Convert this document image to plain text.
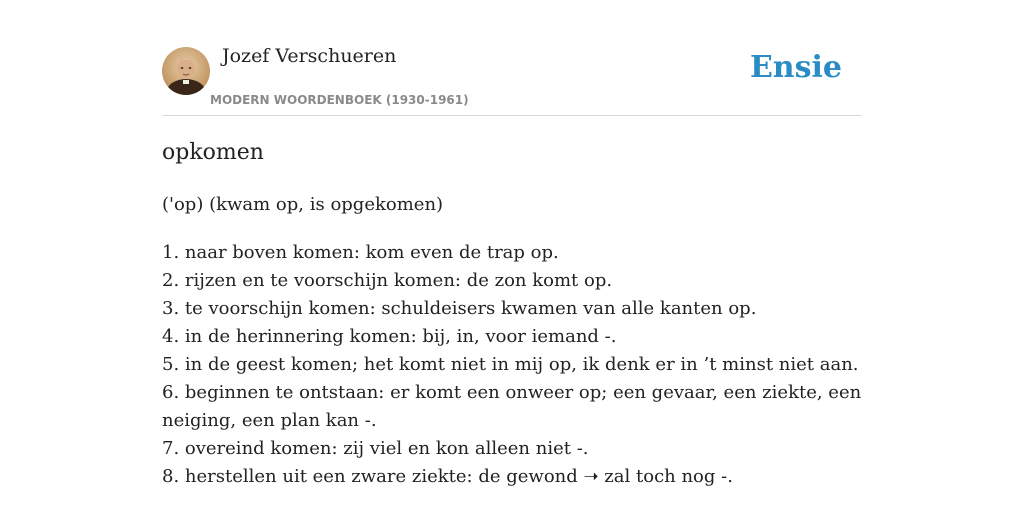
Jozef Verschueren
MODERN WOORDENBOEK (1930-1961)
Ensie
opkomen
('op) (kwam op, is opgekomen)
1. naar boven komen: kom even de trap op.
2. rijzen en te voorschijn komen: de zon komt op.
3. te voorschijn komen: schuldeisers kwamen van alle kanten op.
4. in de herinnering komen: bij, in, voor iemand -.
5. in de geest komen; het komt niet in mij op, ik denk er in ’t minst niet aan.
6. beginnen te ontstaan: er komt een onweer op; een gevaar, een ziekte, een neiging, een plan kan -.
7. overeind komen: zij viel en kon alleen niet -.
8. herstellen uit een zware ziekte: de gewond ➝ zal toch nog -.
